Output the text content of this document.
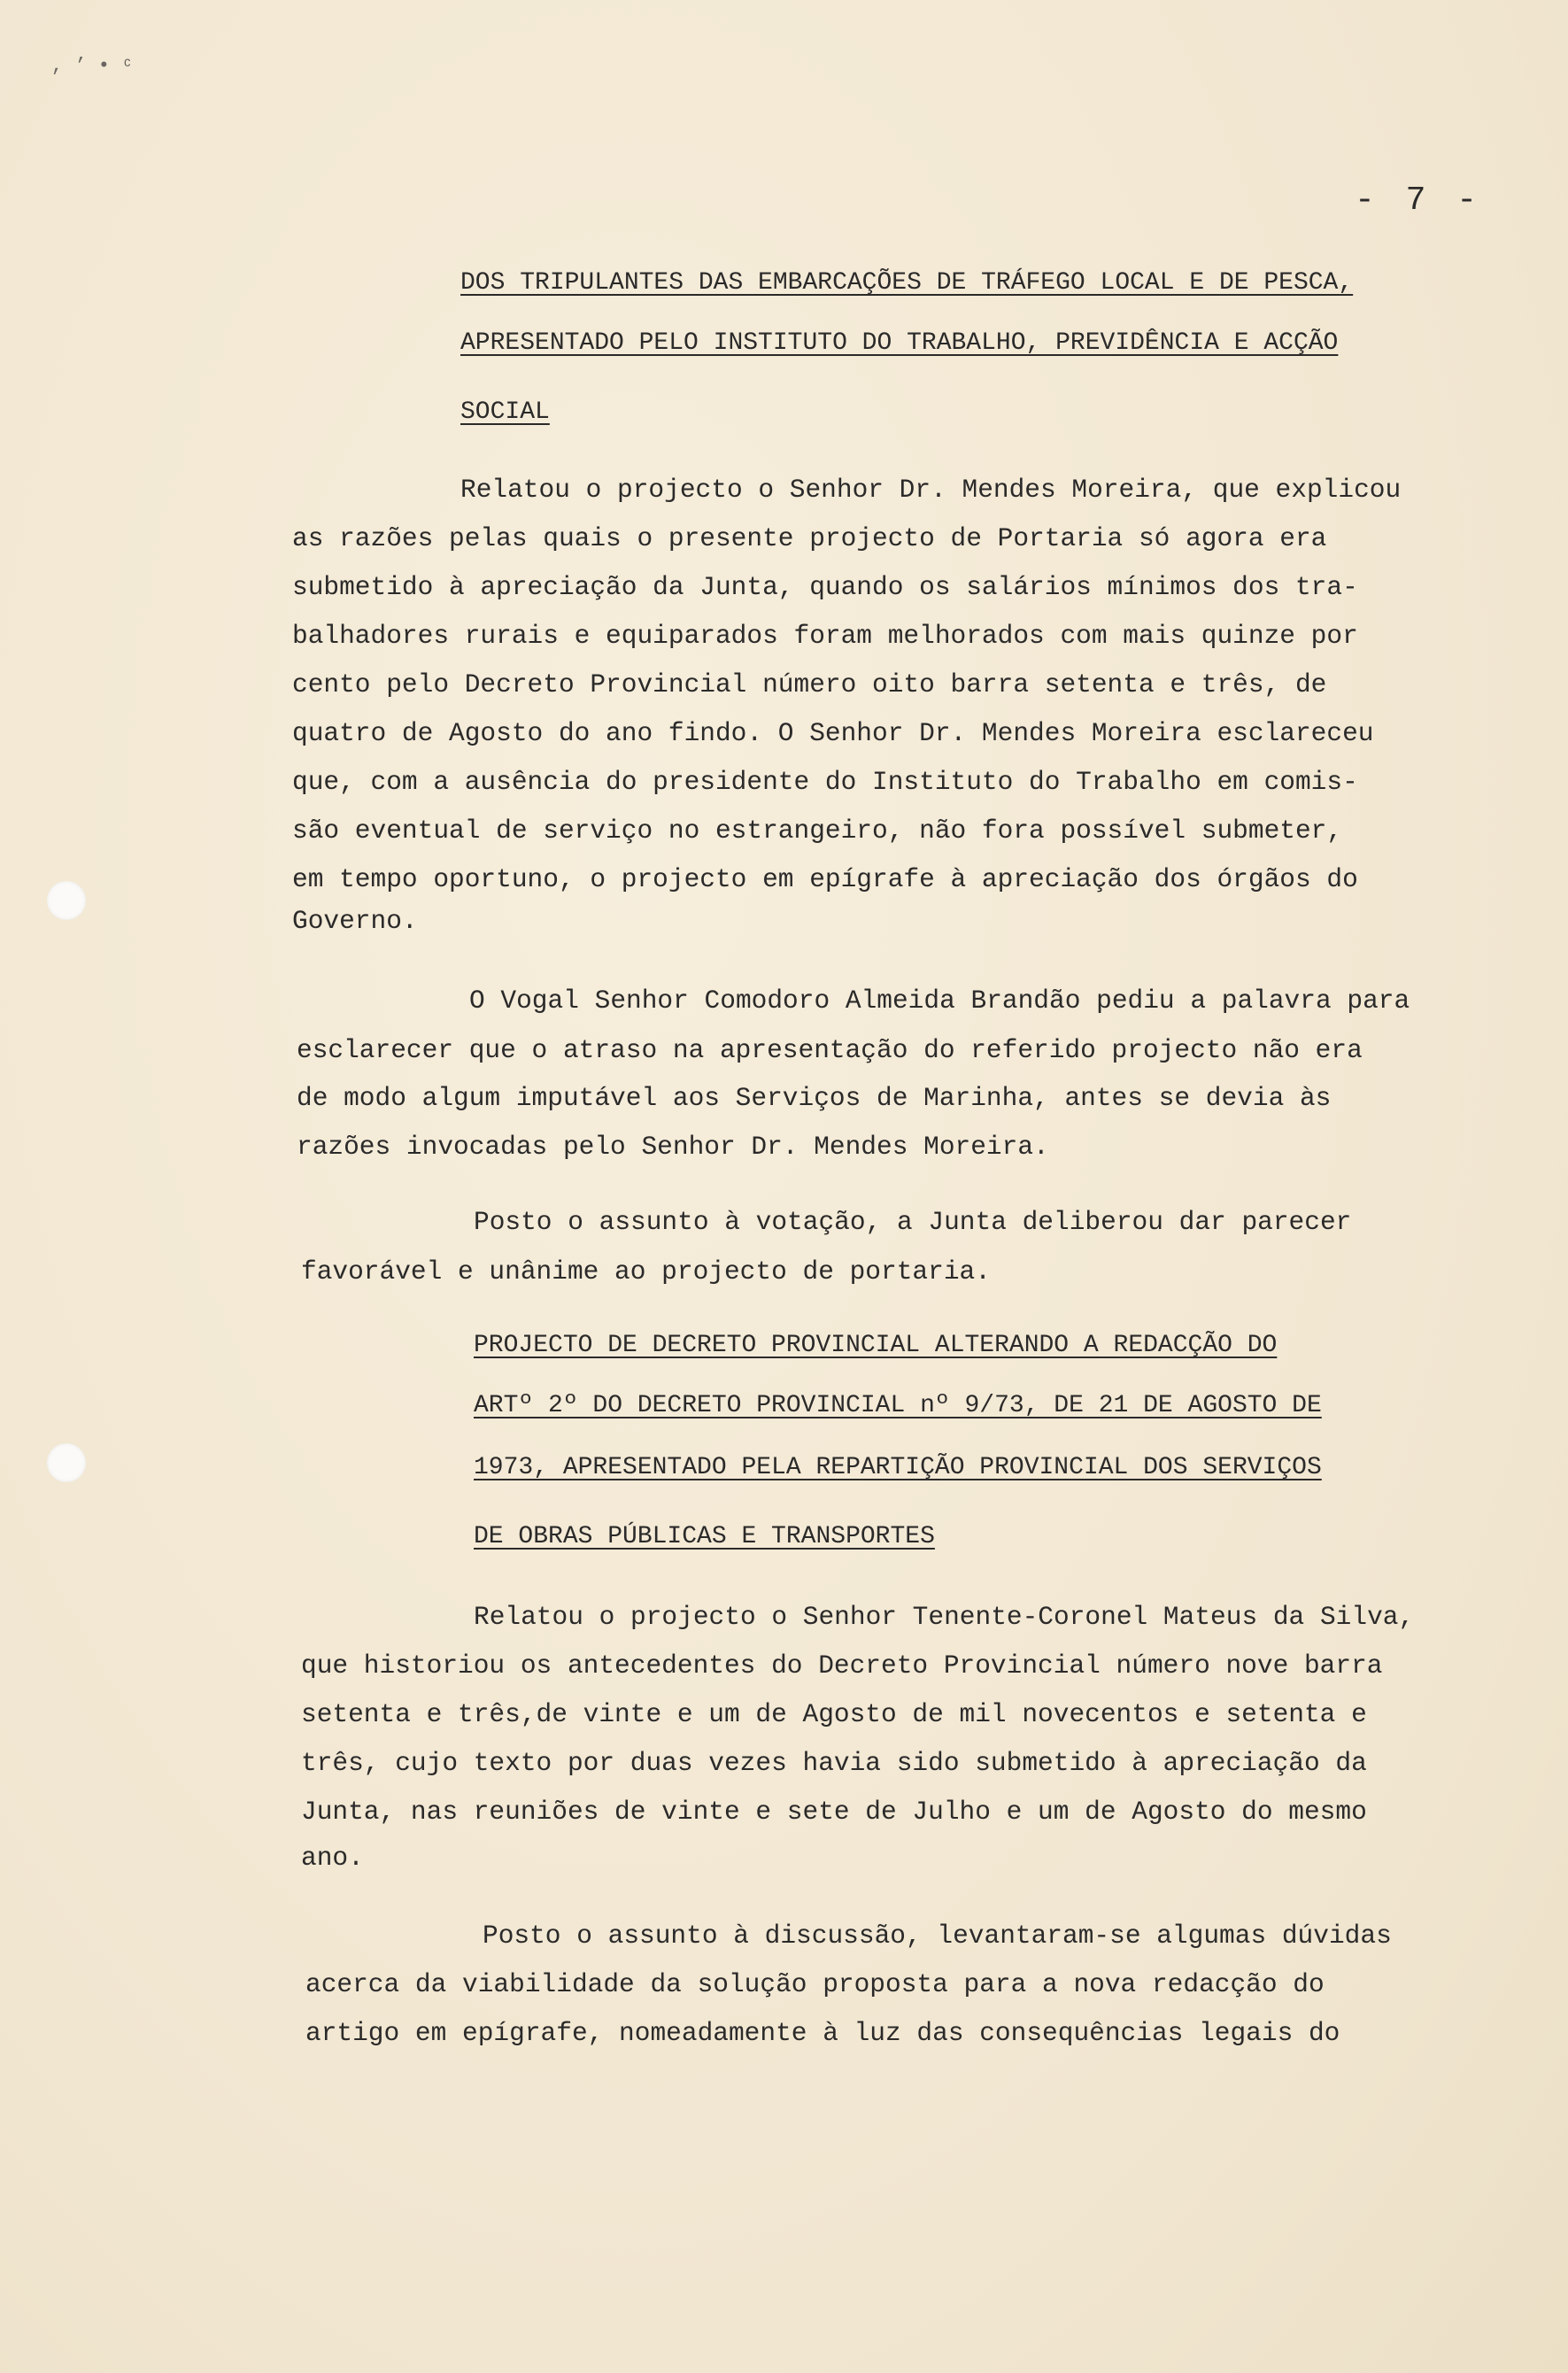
, ’ • ᶜ
- 7 -
DOS TRIPULANTES DAS EMBARCAÇÕES DE TRÁFEGO LOCAL E DE PESCA,
APRESENTADO PELO INSTITUTO DO TRABALHO, PREVIDÊNCIA E ACÇÃO
SOCIAL
Relatou o projecto o Senhor Dr. Mendes Moreira, que explicou
as razões pelas quais o presente projecto de Portaria só agora era
submetido à apreciação da Junta, quando os salários mínimos dos tra-
balhadores rurais e equiparados foram melhorados com mais quinze por
cento pelo Decreto Provincial número oito barra setenta e três, de
quatro de Agosto do ano findo. O Senhor Dr. Mendes Moreira esclareceu
que, com a ausência do presidente do Instituto do Trabalho em comis-
são eventual de serviço no estrangeiro, não fora possível submeter,
em tempo oportuno, o projecto em epígrafe à apreciação dos órgãos do
Governo.
O Vogal Senhor Comodoro Almeida Brandão pediu a palavra para
esclarecer que o atraso na apresentação do referido projecto não era
de modo algum imputável aos Serviços de Marinha, antes se devia às
razões invocadas pelo Senhor Dr. Mendes Moreira.
Posto o assunto à votação, a Junta deliberou dar parecer
favorável e unânime ao projecto de portaria.
PROJECTO DE DECRETO PROVINCIAL ALTERANDO A REDACÇÃO DO
ARTº 2º DO DECRETO PROVINCIAL nº 9/73, DE 21 DE AGOSTO DE
1973, APRESENTADO PELA REPARTIÇÃO PROVINCIAL DOS SERVIÇOS
DE OBRAS PÚBLICAS E TRANSPORTES
Relatou o projecto o Senhor Tenente-Coronel Mateus da Silva,
que historiou os antecedentes do Decreto Provincial número nove barra
setenta e três,de vinte e um de Agosto de mil novecentos e setenta e
três, cujo texto por duas vezes havia sido submetido à apreciação da
Junta, nas reuniões de vinte e sete de Julho e um de Agosto do mesmo
ano.
Posto o assunto à discussão, levantaram-se algumas dúvidas
acerca da viabilidade da solução proposta para a nova redacção do
artigo em epígrafe, nomeadamente à luz das consequências legais do
